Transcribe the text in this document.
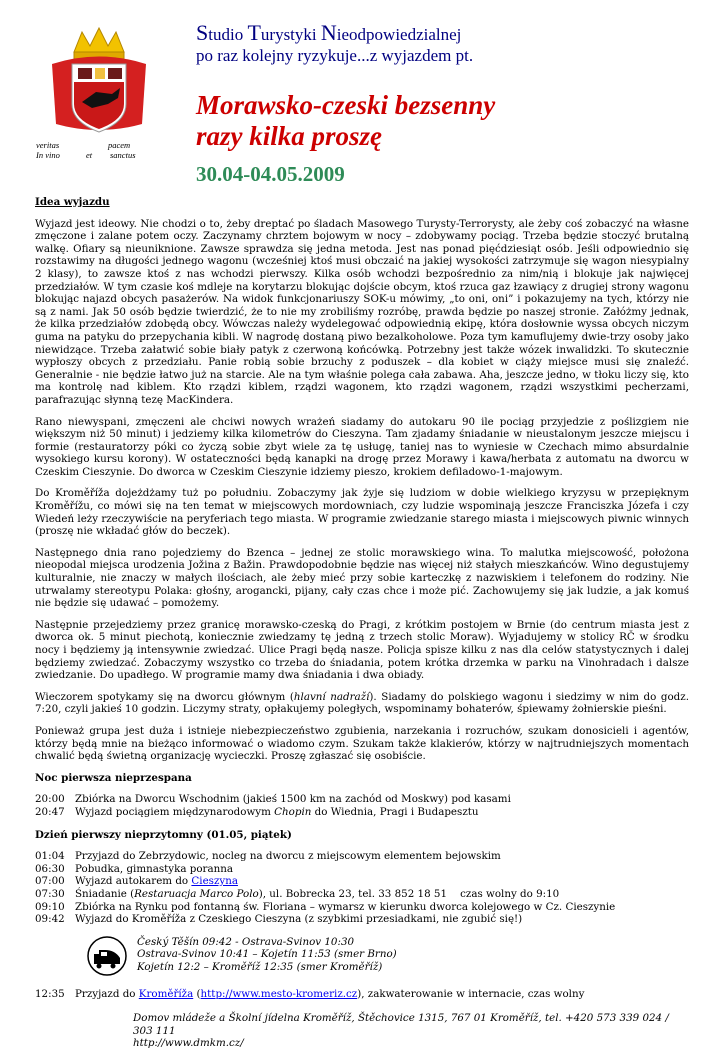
veritas	pacem
In vino	et sanctus
Studio Turystyki Nieodpowiedzialnej
po raz kolejny ryzykuje...z wyjazdem pt.
Morawsko-czeski bezsenny
razy kilka proszę
30.04-04.05.2009
Idea wyjazdu

Wyjazd jest ideowy. Nie chodzi o to, żeby dreptać po śladach Masowego Turysty-Terrorysty, ale żeby coś zobaczyć na własne zmęczone i zalane potem oczy. Zaczynamy chrztem bojowym w nocy – zdobywamy pociąg. Trzeba będzie stoczyć brutalną walkę. Ofiary są nieuniknione. Zawsze sprawdza się jedna metoda. Jest nas ponad pięćdziesiąt osób. Jeśli odpowiednio się rozstawimy na długości jednego wagonu (wcześniej ktoś musi obczaić na jakiej wysokości zatrzymuje się wagon niesypialny 2 klasy), to zawsze ktoś z nas wchodzi pierwszy. Kilka osób wchodzi bezpośrednio za nim/nią i blokuje jak najwięcej przedziałów. W tym czasie koś mdleje na korytarzu blokując dojście obcym, ktoś rzuca gaz łzawiący z drugiej strony wagonu blokując najazd obcych pasażerów. Na widok funkcjonariuszy SOK-u mówimy, „to oni, oni” i pokazujemy na tych, którzy nie są z nami. Jak 50 osób będzie twierdzić, że to nie my zrobiliśmy rozróbę, prawda będzie po naszej stronie. Załóżmy jednak, że kilka przedziałów zdobędą obcy. Wówczas należy wydelegować odpowiednią ekipę, która dosłownie wyssa obcych niczym guma na patyku do przepychania kibli. W nagrodę dostaną piwo bezalkoholowe. Poza tym kamuflujemy dwie-trzy osoby jako niewidzące. Trzeba załatwić sobie biały patyk z czerwoną końcówką. Potrzebny jest także wózek inwalidzki. To skutecznie wypłoszy obcych z przedziału. Panie robią sobie brzuchy z poduszek – dla kobiet w ciąży miejsce musi się znaleźć. Generalnie - nie będzie łatwo już na starcie. Ale na tym właśnie polega cała zabawa. Aha, jeszcze jedno, w tłoku liczy się, kto ma kontrolę nad kiblem. Kto rządzi kiblem, rządzi wagonem, kto rządzi wagonem, rządzi wszystkimi pecherzami, parafrazując słynną tezę MacKindera.

Rano niewyspani, zmęczeni ale chciwi nowych wrażeń siadamy do autokaru 90 ile pociąg przyjedzie z poślizgiem nie większym niż 50 minut) i jedziemy kilka kilometrów do Cieszyna. Tam zjadamy śniadanie w nieustalonym jeszcze miejscu i formie (restauratorzy póki co życzą sobie zbyt wiele za tę usługę, taniej nas to wyniesie w Czechach mimo absurdalnie wysokiego kursu korony). W ostateczności będą kanapki na drogę przez Morawy i kawa/herbata z automatu na dworcu w Czeskim Cieszynie. Do dworca w Czeskim Cieszynie idziemy pieszo, krokiem defiladowo-1-majowym.

Do Kroměříža dojeżdżamy tuż po południu. Zobaczymy jak żyje się ludziom w dobie wielkiego kryzysu w przepięknym Kroměřížu, co mówi się na ten temat w miejscowych mordowniach, czy ludzie wspominają jeszcze Franciszka Józefa i czy Wiedeń leży rzeczywiście na peryferiach tego miasta. W programie zwiedzanie starego miasta i miejscowych piwnic winnych (proszę nie wkładać głów do beczek).

Następnego dnia rano pojedziemy do Bzenca – jednej ze stolic morawskiego wina. To malutka miejscowość, położona nieopodal miejsca urodzenia Jožina z Bažin. Prawdopodobnie będzie nas więcej niż stałych mieszkańców. Wino degustujemy kulturalnie, nie znaczy w małych ilościach, ale żeby mieć przy sobie karteczkę z nazwiskiem i telefonem do rodziny. Nie utrwalamy stereotypu Polaka: głośny, arogancki, pijany, cały czas chce i może pić. Zachowujemy się jak ludzie, a jak komuś nie będzie się udawać – pomożemy.

Następnie przejedziemy przez granicę morawsko-czeską do Pragi, z krótkim postojem w Brnie (do centrum miasta jest z dworca ok. 5 minut piechotą, koniecznie zwiedzamy tę jedną z trzech stolic Moraw). Wyjadujemy w stolicy RČ w środku nocy i będziemy ją intensywnie zwiedzać. Ulice Pragi będą nasze. Policja spisze kilku z nas dla celów statystycznych i dalej będziemy zwiedzać. Zobaczymy wszystko co trzeba do śniadania, potem krótka drzemka w parku na Vinohradach i dalsze zwiedzanie. Do upadłego. W programie mamy dwa śniadania i dwa obiady.

Wieczorem spotykamy się na dworcu głównym (hlavní nadraží). Siadamy do polskiego wagonu i siedzimy w nim do godz. 7:20, czyli jakieś 10 godzin. Liczymy straty, opłakujemy poległych, wspominamy bohaterów, śpiewamy żołnierskie pieśni.

Ponieważ grupa jest duża i istnieje niebezpieczeństwo zgubienia, narzekania i rozruchów, szukam donosicieli i agentów, którzy będą mnie na bieżąco informować o wiadomo czym. Szukam także klakierów, którzy w najtrudniejszych momentach chwalić będą świetną organizację wycieczki. Proszę zgłaszać się osobiście.

Noc pierwsza nieprzespana
20:00	Zbiórka na Dworcu Wschodnim (jakieś 1500 km na zachód od Moskwy) pod kasami
20:47	Wyjazd pociągiem międzynarodowym Chopin do Wiednia, Pragi i Budapesztu
Dzień pierwszy nieprzytomny (01.05, piątek)
01:04	Przyjazd do Zebrzydowic, nocleg na dworcu z miejscowym elementem bejowskim
06:30	Pobudka, gimnastyka poranna
07:00	Wyjazd autokarem do Cieszyna
07:30	Śniadanie (Restaruacja Marco Polo), ul. Bobrecka 23, tel. 33 852 18 51    czas wolny do 9:10
09:10	Zbiórka na Rynku pod fontanną św. Floriana – wymarsz w kierunku dworca kolejowego w Cz. Cieszynie
09:42	Wyjazd do Kroměříža z Czeskiego Cieszyna (z szybkimi przesiadkami, nie zgubić się!)
Český Těšín 09:42 - Ostrava-Svinov 10:30
Ostrava-Svinov 10:41 – Kojetín 11:53 (smer Brno)
Kojetín 12:2 – Kroměříž 12:35 (smer Kroměříž)
12:35	Przyjazd do Kroměříža (http://www.mesto-kromeriz.cz), zakwaterowanie w internacie, czas wolny
Domov mládeže a Školní jídelna Kroměříž, Štěchovice 1315, 767 01 Kroměříž, tel. +420 573 339 024 / 303 111
http://www.dmkm.cz/
